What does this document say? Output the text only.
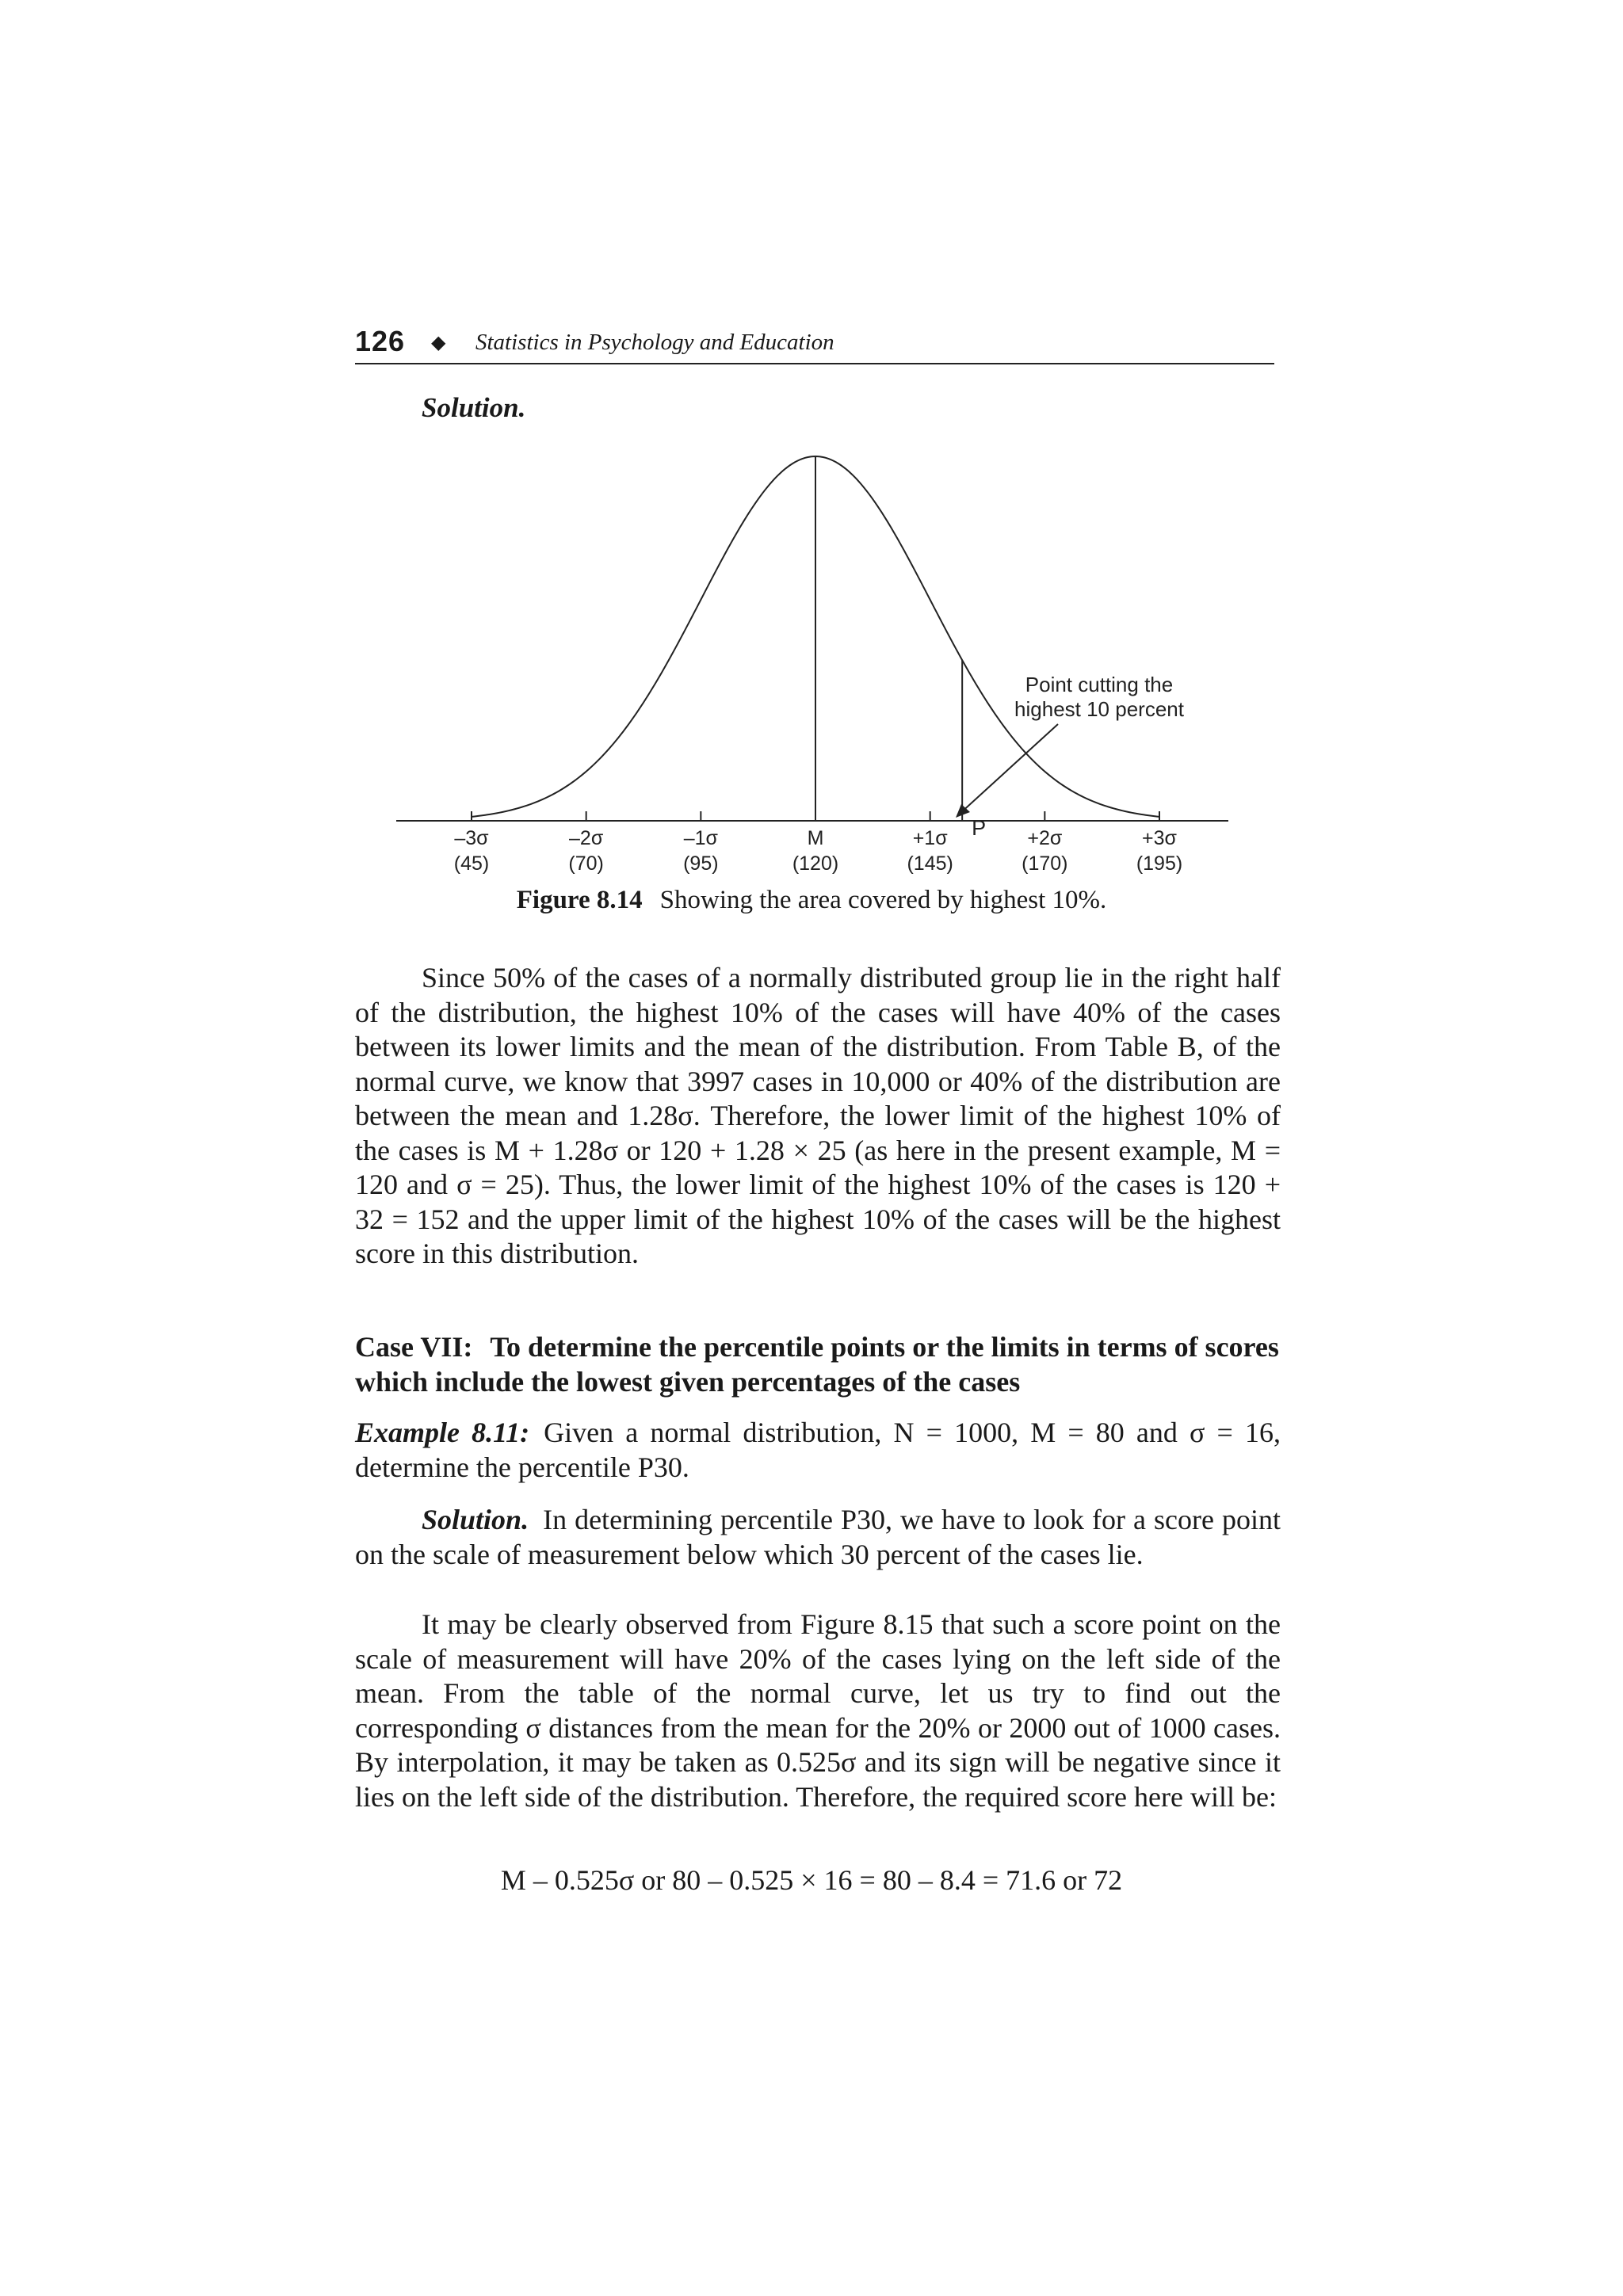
126 ◆ Statistics in Psychology and Education
Solution.
–3σ
(45)
–2σ
(70)
–1σ
(95)
M
(120)
+1σ
(145)
+2σ
(170)
+3σ
(195)
P
Point cutting the
highest 10 percent
Figure 8.14 Showing the area covered by highest 10%.
Since 50% of the cases of a normally distributed group lie in the right half of the distribution, the highest 10% of the cases will have 40% of the cases between its lower limits and the mean of the distribution. From Table B, of the normal curve, we know that 3997 cases in 10,000 or 40% of the distribution are between the mean and 1.28σ. Therefore, the lower limit of the highest 10% of the cases is M + 1.28σ or 120 + 1.28 × 25 (as here in the present example, M = 120 and σ = 25). Thus, the lower limit of the highest 10% of the cases is 120 + 32 = 152 and the upper limit of the highest 10% of the cases will be the highest score in this distribution.
Case VII: To determine the percentile points or the limits in terms of scores which include the lowest given percentages of the cases
Example 8.11: Given a normal distribution, N = 1000, M = 80 and σ = 16, determine the percentile P30.
Solution. In determining percentile P30, we have to look for a score point on the scale of measurement below which 30 percent of the cases lie.
It may be clearly observed from Figure 8.15 that such a score point on the scale of measurement will have 20% of the cases lying on the left side of the mean. From the table of the normal curve, let us try to find out the corresponding σ distances from the mean for the 20% or 2000 out of 1000 cases. By interpolation, it may be taken as 0.525σ and its sign will be negative since it lies on the left side of the distribution. Therefore, the required score here will be:
M – 0.525σ or 80 – 0.525 × 16 = 80 – 8.4 = 71.6 or 72
